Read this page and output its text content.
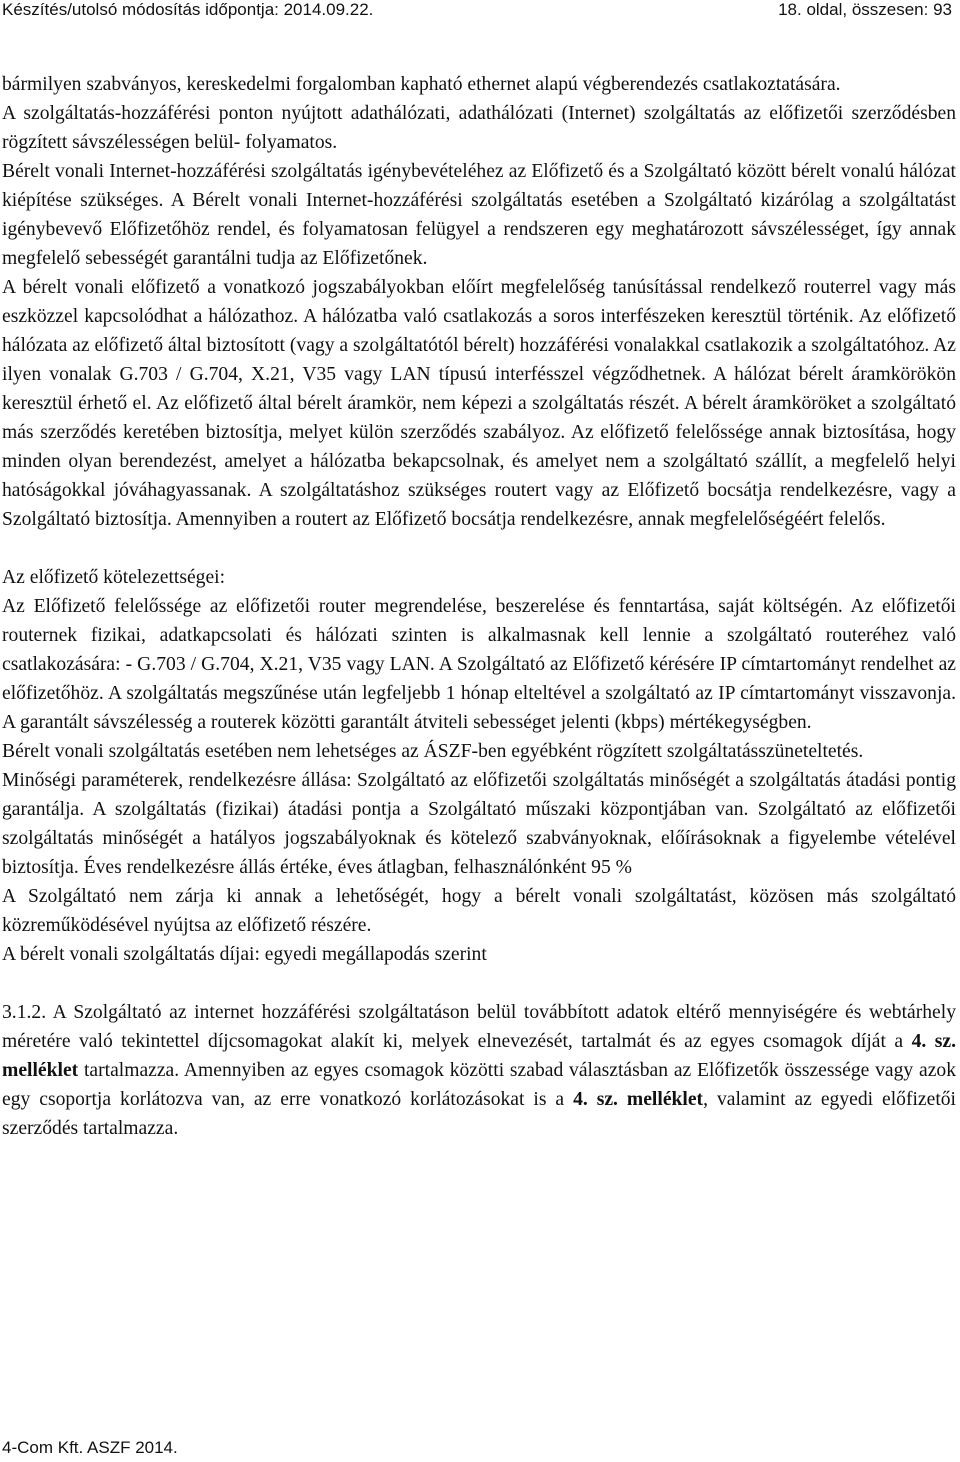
Készítés/utolsó módosítás időpontja: 2014.09.22.	18. oldal, összesen: 93

bármilyen szabványos, kereskedelmi forgalomban kapható ethernet alapú végberendezés csatlakoztatására.

A szolgáltatás-hozzáférési ponton nyújtott adathálózati, adathálózati (Internet) szolgáltatás az előfizetői szerződésben rögzített sávszélességen belül- folyamatos.

Bérelt vonali Internet-hozzáférési szolgáltatás igénybevételéhez az Előfizető és a Szolgáltató között bérelt vonalú hálózat kiépítése szükséges. A Bérelt vonali Internet-hozzáférési szolgáltatás esetében a Szolgáltató kizárólag a szolgáltatást igénybevevő Előfizetőhöz rendel, és folyamatosan felügyel a rendszeren egy meghatározott sávszélességet, így annak megfelelő sebességét garantálni tudja az Előfizetőnek.

A bérelt vonali előfizető a vonatkozó jogszabályokban előírt megfelelőség tanúsítással rendelkező routerrel vagy más eszközzel kapcsolódhat a hálózathoz. A hálózatba való csatlakozás a soros interfészeken keresztül történik. Az előfizető hálózata az előfizető által biztosított (vagy a szolgáltatótól bérelt) hozzáférési vonalakkal csatlakozik a szolgáltatóhoz. Az ilyen vonalak G.703 / G.704, X.21, V35 vagy LAN típusú interfésszel végződhetnek. A hálózat bérelt áramkörökön keresztül érhető el. Az előfizető által bérelt áramkör, nem képezi a szolgáltatás részét. A bérelt áramköröket a szolgáltató más szerződés keretében biztosítja, melyet külön szerződés szabályoz. Az előfizető felelőssége annak biztosítása, hogy minden olyan berendezést, amelyet a hálózatba bekapcsolnak, és amelyet nem a szolgáltató szállít, a megfelelő helyi hatóságokkal jóváhagyassanak. A szolgáltatáshoz szükséges routert vagy az Előfizető bocsátja rendelkezésre, vagy a Szolgáltató biztosítja. Amennyiben a routert az Előfizető bocsátja rendelkezésre, annak megfelelőségéért felelős.

Az előfizető kötelezettségei:

Az Előfizető felelőssége az előfizetői router megrendelése, beszerelése és fenntartása, saját költségén. Az előfizetői routernek fizikai, adatkapcsolati és hálózati szinten is alkalmasnak kell lennie a szolgáltató routeréhez való csatlakozására: - G.703 / G.704, X.21, V35 vagy LAN. A Szolgáltató az Előfizető kérésére IP címtartományt rendelhet az előfizetőhöz. A szolgáltatás megszűnése után legfeljebb 1 hónap elteltével a szolgáltató az IP címtartományt visszavonja. A garantált sávszélesség a routerek közötti garantált átviteli sebességet jelenti (kbps) mértékegységben.

Bérelt vonali szolgáltatás esetében nem lehetséges az ÁSZF-ben egyébként rögzített szolgáltatásszüneteltetés.

Minőségi paraméterek, rendelkezésre állása: Szolgáltató az előfizetői szolgáltatás minőségét a szolgáltatás átadási pontig garantálja. A szolgáltatás (fizikai) átadási pontja a Szolgáltató műszaki központjában van. Szolgáltató az előfizetői szolgáltatás minőségét a hatályos jogszabályoknak és kötelező szabványoknak, előírásoknak a figyelembe vételével biztosítja. Éves rendelkezésre állás értéke, éves átlagban, felhasználónként 95 %

A Szolgáltató nem zárja ki annak a lehetőségét, hogy a bérelt vonali szolgáltatást, közösen más szolgáltató közreműködésével nyújtsa az előfizető részére.

A bérelt vonali szolgáltatás díjai: egyedi megállapodás szerint

3.1.2. A Szolgáltató az internet hozzáférési szolgáltatáson belül továbbított adatok eltérő mennyiségére és webtárhely méretére való tekintettel díjcsomagokat alakít ki, melyek elnevezését, tartalmát és az egyes csomagok díját a 4. sz. melléklet tartalmazza. Amennyiben az egyes csomagok közötti szabad választásban az Előfizetők összessége vagy azok egy csoportja korlátozva van, az erre vonatkozó korlátozásokat is a 4. sz. melléklet, valamint az egyedi előfizetői szerződés tartalmazza.

4-Com Kft. ASZF 2014.
